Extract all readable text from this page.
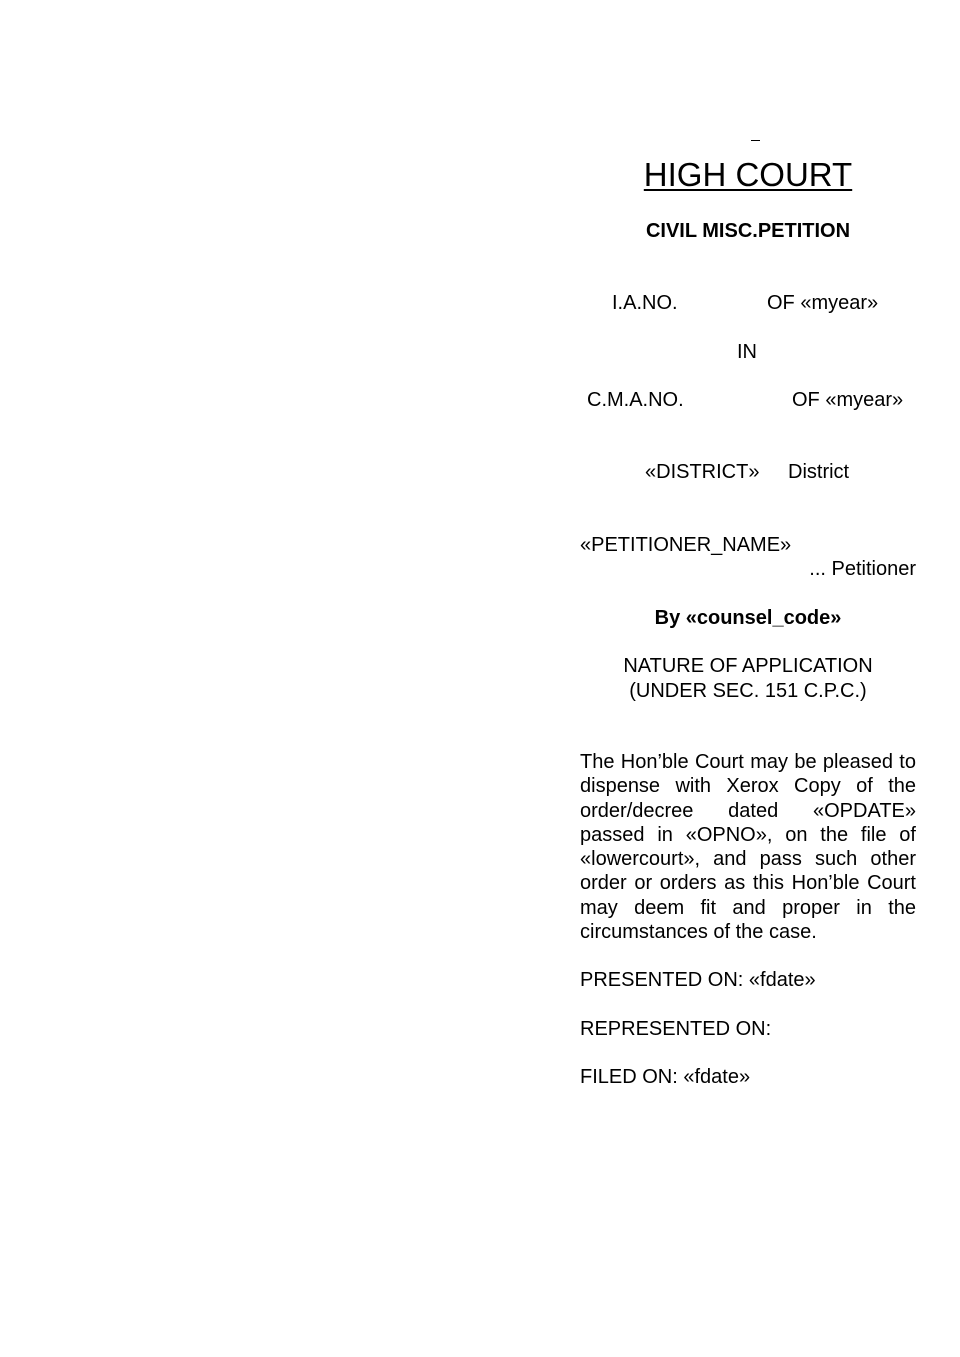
HIGH COURT
CIVIL MISC.PETITION
I.A.NO.	OF «myear»
IN
C.M.A.NO.	OF «myear»
«DISTRICT» District
«PETITIONER_NAME»
... Petitioner
By «counsel_code»
NATURE OF APPLICATION
(UNDER SEC. 151 C.P.C.)
The Hon’ble Court may be pleased to dispense with Xerox Copy of the order/decree dated «OPDATE» passed in «OPNO», on the file of «lowercourt», and pass such other order or orders as this Hon’ble Court may deem fit and proper in the circumstances of the case.
PRESENTED ON: «fdate»
REPRESENTED ON:
FILED ON: «fdate»
